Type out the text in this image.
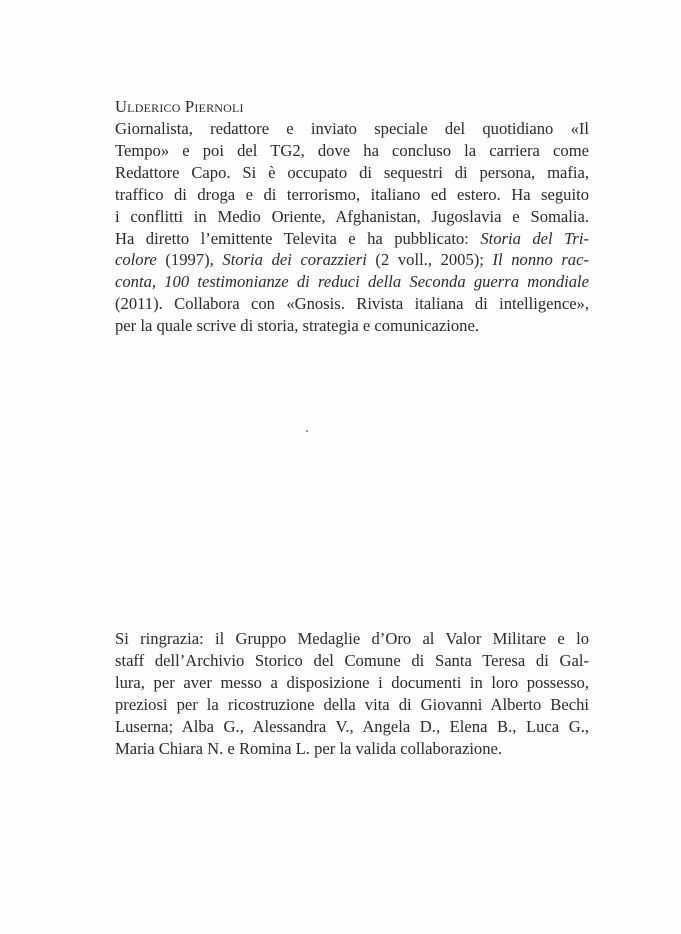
Ulderico Piernoli
Giornalista, redattore e inviato speciale del quotidiano «Il
Tempo» e poi del TG2, dove ha concluso la carriera come
Redattore Capo. Si è occupato di sequestri di persona, mafia,
traffico di droga e di terrorismo, italiano ed estero. Ha seguito
i conflitti in Medio Oriente, Afghanistan, Jugoslavia e Somalia.
Ha diretto l’emittente Televita e ha pubblicato: Storia del Tri-
colore (1997), Storia dei corazzieri (2 voll., 2005); Il nonno rac-
conta, 100 testimonianze di reduci della Seconda guerra mondiale
(2011). Collabora con «Gnosis. Rivista italiana di intelligence»,
per la quale scrive di storia, strategia e comunicazione.
Si ringrazia: il Gruppo Medaglie d’Oro al Valor Militare e lo
staff dell’Archivio Storico del Comune di Santa Teresa di Gal-
lura, per aver messo a disposizione i documenti in loro possesso,
preziosi per la ricostruzione della vita di Giovanni Alberto Bechi
Luserna; Alba G., Alessandra V., Angela D., Elena B., Luca G.,
Maria Chiara N. e Romina L. per la valida collaborazione.
